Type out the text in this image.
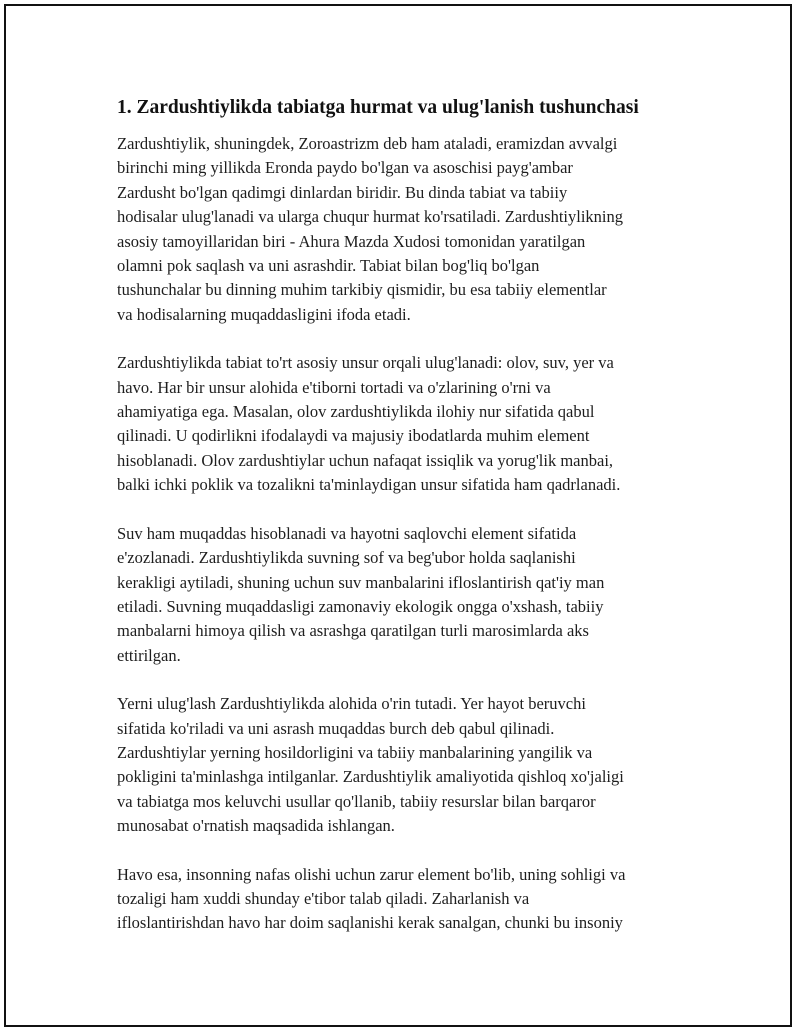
1. Zardushtiylikda tabiatga hurmat va ulug'lanish tushunchasi

Zardushtiylik, shuningdek, Zoroastrizm deb ham ataladi, eramizdan avvalgi
birinchi ming yillikda Eronda paydo bo'lgan va asoschisi payg'ambar
Zardusht bo'lgan qadimgi dinlardan biridir. Bu dinda tabiat va tabiiy
hodisalar ulug'lanadi va ularga chuqur hurmat ko'rsatiladi. Zardushtiylikning
asosiy tamoyillaridan biri - Ahura Mazda Xudosi tomonidan yaratilgan
olamni pok saqlash va uni asrashdir. Tabiat bilan bog'liq bo'lgan
tushunchalar bu dinning muhim tarkibiy qismidir, bu esa tabiiy elementlar
va hodisalarning muqaddasligini ifoda etadi.

Zardushtiylikda tabiat to'rt asosiy unsur orqali ulug'lanadi: olov, suv, yer va
havo. Har bir unsur alohida e'tiborni tortadi va o'zlarining o'rni va
ahamiyatiga ega. Masalan, olov zardushtiylikda ilohiy nur sifatida qabul
qilinadi. U qodirlikni ifodalaydi va majusiy ibodatlarda muhim element
hisoblanadi. Olov zardushtiylar uchun nafaqat issiqlik va yorug'lik manbai,
balki ichki poklik va tozalikni ta'minlaydigan unsur sifatida ham qadrlanadi.

Suv ham muqaddas hisoblanadi va hayotni saqlovchi element sifatida
e'zozlanadi. Zardushtiylikda suvning sof va beg'ubor holda saqlanishi
kerakligi aytiladi, shuning uchun suv manbalarini ifloslantirish qat'iy man
etiladi. Suvning muqaddasligi zamonaviy ekologik ongga o'xshash, tabiiy
manbalarni himoya qilish va asrashga qaratilgan turli marosimlarda aks
ettirilgan.

Yerni ulug'lash Zardushtiylikda alohida o'rin tutadi. Yer hayot beruvchi
sifatida ko'riladi va uni asrash muqaddas burch deb qabul qilinadi.
Zardushtiylar yerning hosildorligini va tabiiy manbalarining yangilik va
pokligini ta'minlashga intilganlar. Zardushtiylik amaliyotida qishloq xo'jaligi
va tabiatga mos keluvchi usullar qo'llanib, tabiiy resurslar bilan barqaror
munosabat o'rnatish maqsadida ishlangan.

Havo esa, insonning nafas olishi uchun zarur element bo'lib, uning sohligi va
tozaligi ham xuddi shunday e'tibor talab qiladi. Zaharlanish va
ifloslantirishdan havo har doim saqlanishi kerak sanalgan, chunki bu insoniy
